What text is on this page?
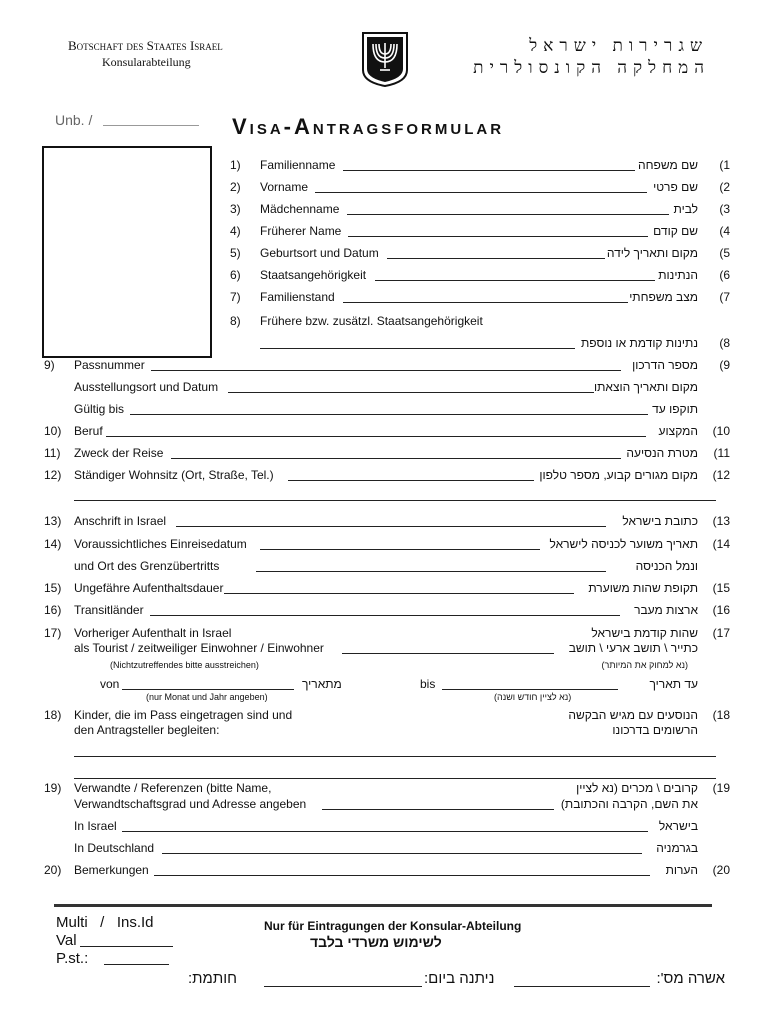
Botschaft des Staates Israel
Konsularabteilung
שגרירות ישראל
המחלקה הקונסולרית
Unb. /	Visa-Antragsformular
1)	Familienname	שם משפחה (1
2)	Vorname	שם פרטי (2
3)	Mädchenname	לבית (3
4)	Früherer Name	שם קודם (4
5)	Geburtsort und Datum	מקום ותאריך לידה (5
6)	Staatsangehörigkeit	הנתינות (6
7)	Familienstand	מצב משפחתי (7
8)	Frühere bzw. zusätzl. Staatsangehörigkeit
נתינות קודמת או נוספת (8
9)	Passnummer	מספר הדרכון (9
Ausstellungsort und Datum	מקום ותאריך הוצאתו
Gültig bis	תוקפו עד
10)	Beruf	המקצוע (10
11)	Zweck der Reise	מטרת הנסיעה (11
12)	Ständiger Wohnsitz (Ort, Straße, Tel.)	מקום מגורים קבוע, מספר טלפון (12
13)	Anschrift in Israel	כתובת בישראל (13
14)	Voraussichtliches Einreisedatum	תאריך משוער לכניסה לישראל (14
und Ort des Grenzübertritts	ונמל הכניסה
15)	Ungefähre Aufenthaltsdauer	תקופת שהות משוערת (15
16)	Transitländer	ארצות מעבר (16
17)	Vorheriger Aufenthalt in Israel	שהות קודמת בישראל (17
als Tourist / zeitweiliger Einwohner / Einwohner	כתייר \ תושב ארעי \ תושב
(Nichtzutreffendes bitte ausstreichen)	(נא למחוק את המיותר)
von	מתאריך	bis	עד תאריך
(nur Monat und Jahr angeben)	(נא לציין חודש ושנה)
18)	Kinder, die im Pass eingetragen sind und	הנוסעים עם מגיש הבקשה (18
den Antragsteller begleiten:	הרשומים בדרכונו
19)	Verwandte / Referenzen (bitte Name,	קרובים \ מכרים (נא לציין (19
Verwandtschaftsgrad und Adresse angeben	את השם, הקרבה והכתובת)
In Israel	בישראל
In Deutschland	בגרמניה
20)	Bemerkungen	הערות (20
Multi   /   Ins.Id
Val
P.st.:
Nur für Eintragungen der Konsular-Abteilung
לשימוש משרדי בלבד
אשרה מס':
ניתנה ביום:
חותמת:
